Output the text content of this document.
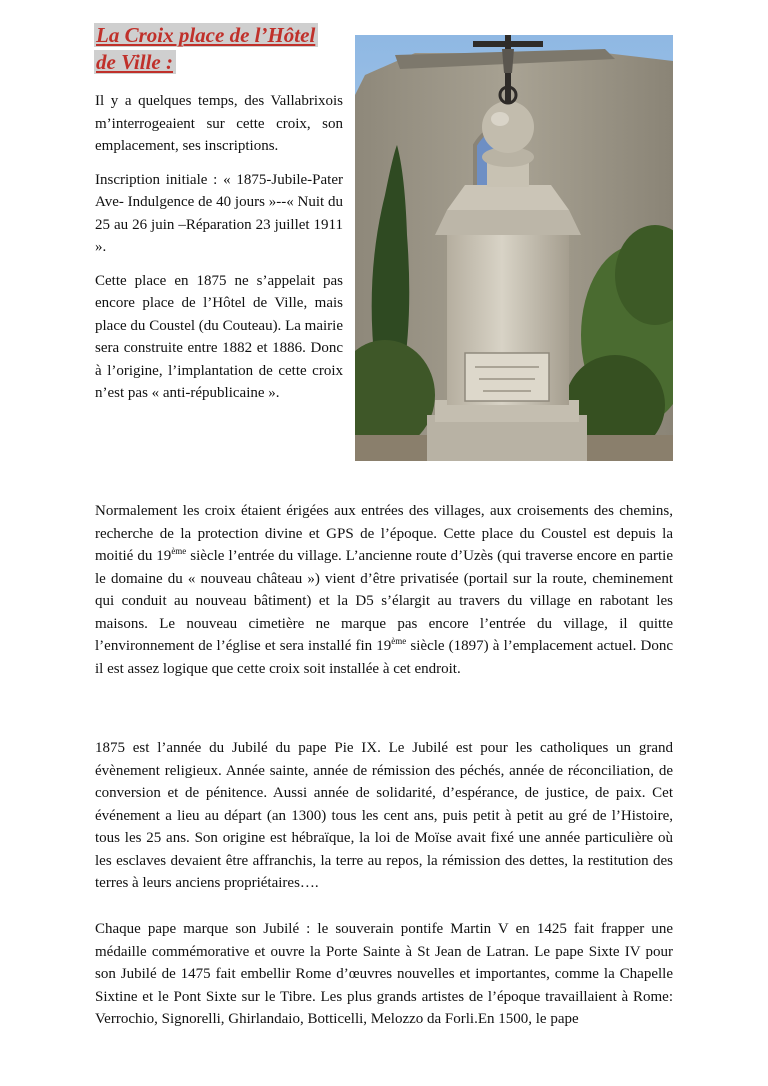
La Croix place de l’Hôtel
de Ville :

Il y a quelques temps, des Vallabrixois m’interrogeaient sur cette croix, son emplacement, ses inscriptions.

Inscription initiale : « 1875-Jubile-Pater Ave- Indulgence de 40 jours »--« Nuit du 25 au 26 juin –Réparation 23 juillet 1911 ».

Cette place en 1875 ne s’appelait pas encore place de l’Hôtel de Ville, mais place du Coustel (du Couteau). La mairie sera construite entre 1882 et 1886. Donc à l’origine, l’implantation de cette croix n’est pas « anti-républicaine ».

Normalement les croix étaient érigées aux entrées des villages, aux croisements des chemins, recherche de la protection divine et GPS de l’époque. Cette place du Coustel est depuis la moitié du 19ème siècle l’entrée du village. L’ancienne route d’Uzès (qui traverse encore en partie le domaine du « nouveau château ») vient d’être privatisée (portail sur la route, cheminement qui conduit au nouveau bâtiment) et la D5 s’élargit au travers du village en rabotant les maisons. Le nouveau cimetière ne marque pas encore l’entrée du village, il quitte l’environnement de l’église et sera installé fin 19ème siècle (1897) à l’emplacement actuel. Donc il est assez logique que cette croix soit installée à cet endroit.

1875 est l’année du Jubilé du pape Pie IX. Le Jubilé est pour les catholiques un grand évènement religieux. Année sainte, année de rémission des péchés, année de réconciliation, de conversion et de pénitence. Aussi année de solidarité, d’espérance, de justice, de paix. Cet événement a lieu au départ (an 1300) tous les cent ans, puis petit à petit au gré de l’Histoire, tous les 25 ans. Son origine est hébraïque, la loi de Moïse avait fixé une année particulière où les esclaves devaient être affranchis, la terre au repos, la rémission des dettes, la restitution des terres à leurs anciens propriétaires….

Chaque pape marque son Jubilé : le souverain pontife Martin V en 1425 fait frapper une médaille commémorative et ouvre la Porte Sainte à St Jean de Latran. Le pape Sixte IV pour son Jubilé de 1475 fait embellir Rome d’œuvres nouvelles et importantes, comme la Chapelle Sixtine et le Pont Sixte sur le Tibre. Les plus grands artistes de l’époque travaillaient à Rome: Verrochio, Signorelli, Ghirlandaio, Botticelli, Melozzo da Forli.En 1500, le pape
